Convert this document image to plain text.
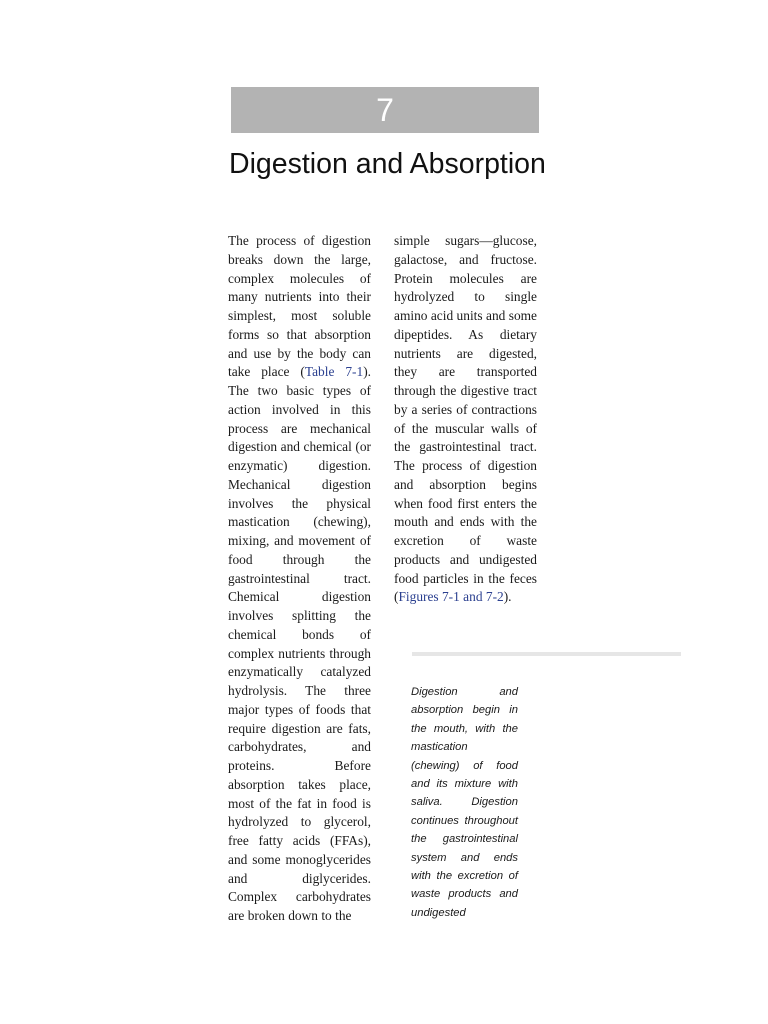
7
Digestion and Absorption
The process of digestion breaks down the large, complex molecules of many nutrients into their simplest, most soluble forms so that absorption and use by the body can take place (Table 7-1). The two basic types of action involved in this process are mechanical digestion and chemical (or enzymatic) digestion. Mechanical digestion involves the physical mastication (chewing), mixing, and movement of food through the gastrointestinal tract. Chemical digestion involves splitting the chemical bonds of complex nutrients through enzymatically catalyzed hydrolysis. The three major types of foods that require digestion are fats, carbohydrates, and proteins. Before absorption takes place, most of the fat in food is hydrolyzed to glycerol, free fatty acids (FFAs), and some monoglycerides and diglycerides. Complex carbohydrates are broken down to the
simple sugars—glucose, galactose, and fructose. Protein molecules are hydrolyzed to single amino acid units and some dipeptides. As dietary nutrients are digested, they are transported through the digestive tract by a series of contractions of the muscular walls of the gastrointestinal tract. The process of digestion and absorption begins when food first enters the mouth and ends with the excretion of waste products and undigested food particles in the feces (Figures 7-1 and 7-2).
Digestion and absorption begin in the mouth, with the mastication (chewing) of food and its mixture with saliva. Digestion continues throughout the gastrointestinal system and ends with the excretion of waste products and undigested
